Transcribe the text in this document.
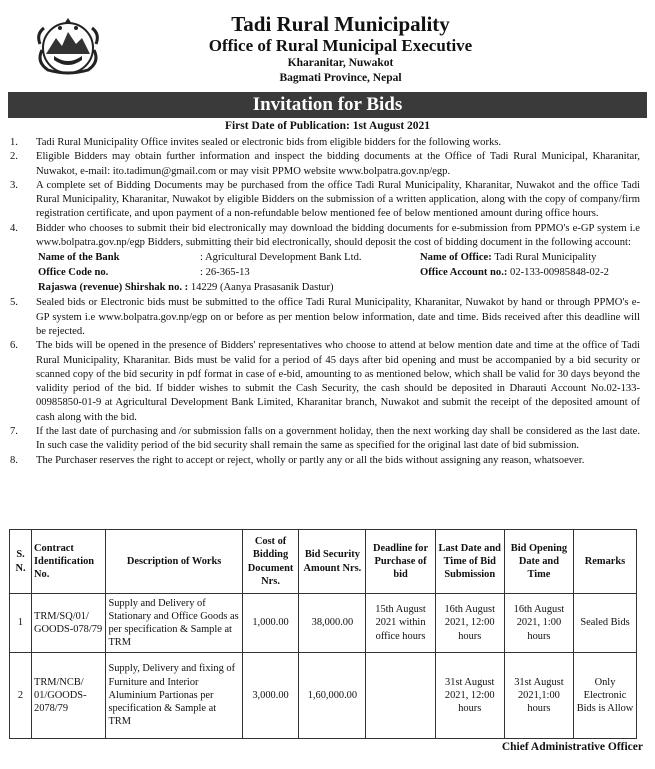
Tadi Rural Municipality
Office of Rural Municipal Executive
Kharanitar, Nuwakot
Bagmati Province, Nepal
Invitation for Bids
First Date of Publication: 1st August 2021
1.	Tadi Rural Municipality Office invites sealed or electronic bids from eligible bidders for the following works.
2.	Eligible Bidders may obtain further information and inspect the bidding documents at the Office of Tadi Rural Municipal, Kharanitar, Nuwakot, e-mail: ito.tadimun@gmail.com or may visit PPMO website www.bolpatra.gov.np/egp.
3.	A complete set of Bidding Documents may be purchased from the office Tadi Rural Municipality, Kharanitar, Nuwakot and the office Tadi Rural Municipality, Kharanitar, Nuwakot by eligible Bidders on the submission of a written application, along with the copy of company/firm registration certificate, and upon payment of a non-refundable below mentioned fee of below mentioned amount during office hours.
4.	Bidder who chooses to submit their bid electronically may download the bidding documents for e-submission from PPMO's e-GP system i.e www.bolpatra.gov.np/egp Bidders, submitting their bid electronically, should deposit the cost of bidding document in the following account:
Name of the Bank	: Agricultural Development Bank Ltd.	Name of Office: Tadi Rural Municipality
Office Code no.	: 26-365-13	Office Account no.: 02-133-00985848-02-2
Rajaswa (revenue) Shirshak no. : 14229 (Aanya Prasasanik Dastur)
5.	Sealed bids or Electronic bids must be submitted to the office Tadi Rural Municipality, Kharanitar, Nuwakot by hand or through PPMO's e-GP system i.e www.bolpatra.gov.np/egp on or before as per mention below information, date and time. Bids received after this deadline will be rejected.
6.	The bids will be opened in the presence of Bidders' representatives who choose to attend at below mention date and time at the office of Tadi Rural Municipality, Kharanitar. Bids must be valid for a period of 45 days after bid opening and must be accompanied by a bid security or scanned copy of the bid security in pdf format in case of e-bid, amounting to as mentioned below, which shall be valid for 30 days beyond the validity period of the bid. If bidder wishes to submit the Cash Security, the cash should be deposited in Dharauti Account No.02-133-00985850-01-9 at Agricultural Development Bank Limited, Kharanitar branch, Nuwakot and submit the receipt of the deposited amount of cash along with the bid.
7.	If the last date of purchasing and /or submission falls on a government holiday, then the next working day shall be considered as the last date. In such case the validity period of the bid security shall remain the same as specified for the original last date of bid submission.
8.	The Purchaser reserves the right to accept or reject, wholly or partly any or all the bids without assigning any reason, whatsoever.
S. N.	Contract Identification No.	Description of Works	Cost of Bidding Document Nrs.	Bid Security Amount Nrs.	Deadline for Purchase of bid	Last Date and Time of Bid Submission	Bid Opening Date and Time	Remarks
1	TRM/SQ/01/ GOODS-078/79	Supply and Delivery of Stationary and Office Goods as per specification & Sample at TRM	1,000.00	38,000.00	15th August 2021 within office hours	16th August 2021, 12:00 hours	16th August 2021, 1:00 hours	Sealed Bids
2	TRM/NCB/ 01/GOODS-2078/79	Supply, Delivery and fixing of Furniture and Interior Aluminium Partionas per specification & Sample at TRM	3,000.00	1,60,000.00		31st August 2021, 12:00 hours	31st August 2021,1:00 hours	Only Electronic Bids is Allow
Chief Administrative Officer
